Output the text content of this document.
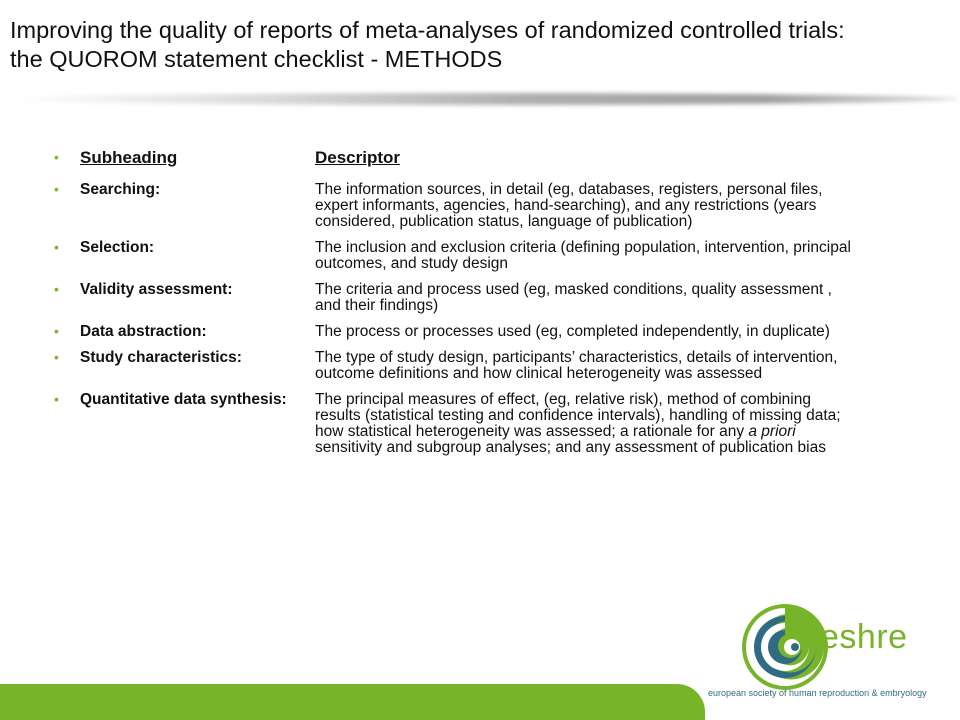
Improving the quality of reports of meta-analyses of randomized controlled trials:
the QUOROM statement checklist - METHODS
•	Subheading	Descriptor
•	Searching:	The information sources, in detail (eg, databases, registers, personal files, expert informants, agencies, hand-searching), and any restrictions (years considered, publication status, language of publication)
•	Selection:	The inclusion and exclusion criteria (defining population, intervention, principal outcomes, and study design
•	Validity assessment:	The criteria and process used (eg, masked conditions, quality assessment , and their findings)
•	Data abstraction:	The process or processes used (eg, completed independently, in duplicate)
•	Study characteristics:	The type of study design, participants’ characteristics, details of intervention, outcome definitions and how clinical heterogeneity was assessed
•	Quantitative data synthesis:	The principal measures of effect, (eg, relative risk), method of combining results (statistical testing and confidence intervals), handling of missing data; how statistical heterogeneity was assessed; a rationale for any a priori sensitivity and subgroup analyses; and any assessment of publication bias
eshre
european society of human reproduction & embryology
